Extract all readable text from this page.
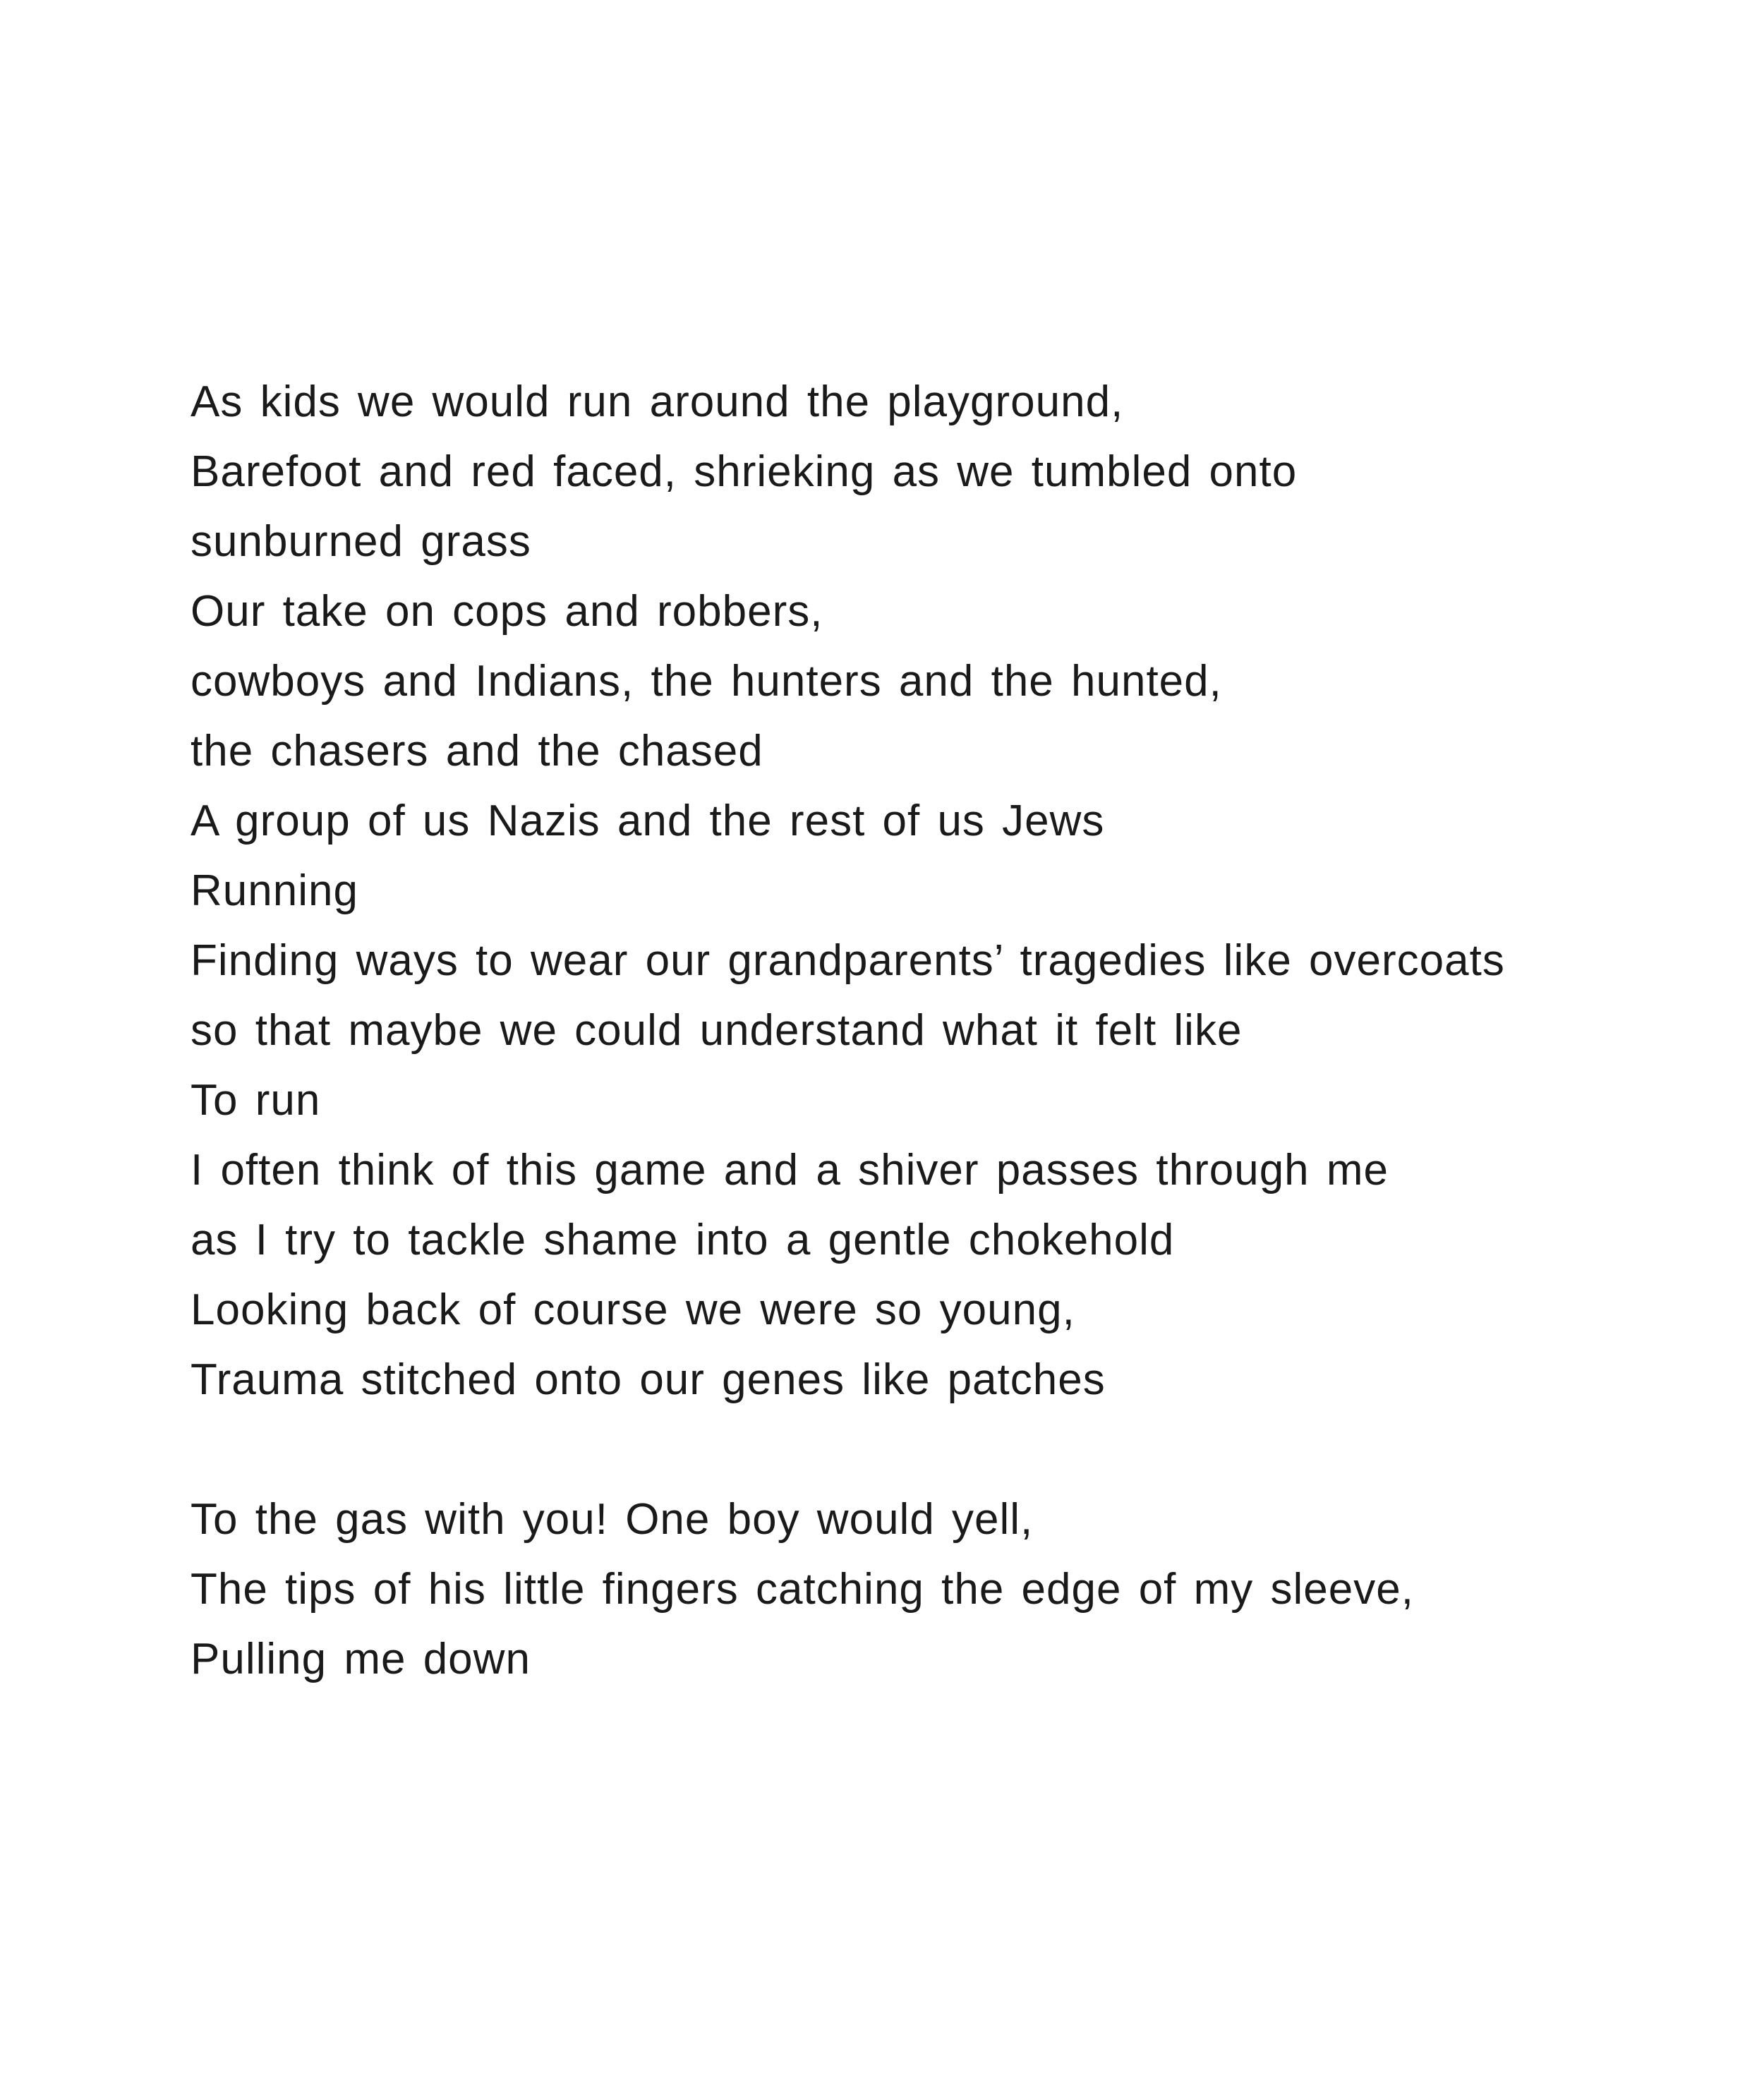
As kids we would run around the playground,
Barefoot and red faced, shrieking as we tumbled onto
sunburned grass
Our take on cops and robbers,
cowboys and Indians, the hunters and the hunted,
the chasers and the chased
A group of us Nazis and the rest of us Jews
Running
Finding ways to wear our grandparents’ tragedies like overcoats
so that maybe we could understand what it felt like
To run
I often think of this game and a shiver passes through me
as I try to tackle shame into a gentle chokehold
Looking back of course we were so young,
Trauma stitched onto our genes like patches
To the gas with you! One boy would yell,
The tips of his little fingers catching the edge of my sleeve,
Pulling me down
